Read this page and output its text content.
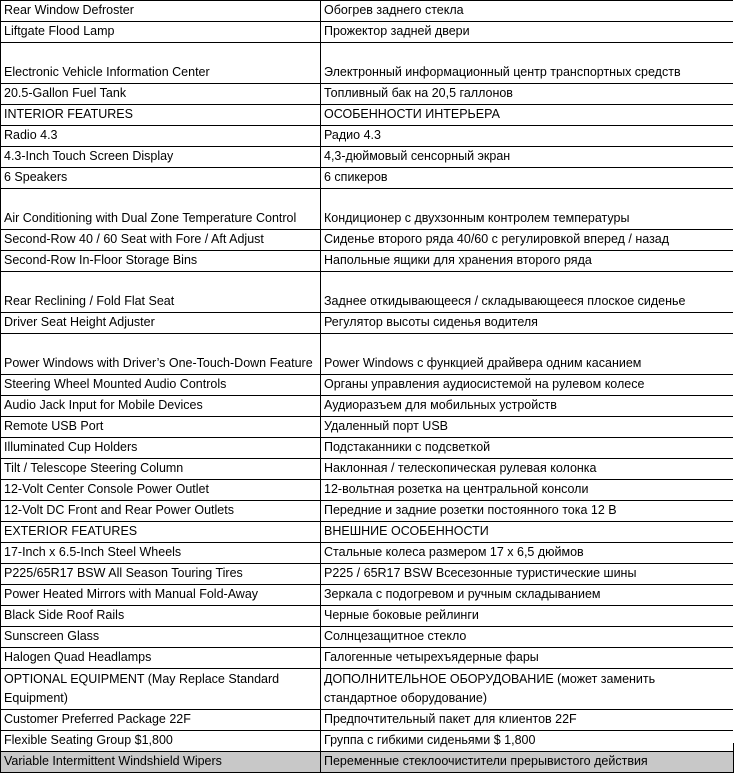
Rear Window Defroster	Обогрев заднего стекла
Liftgate Flood Lamp	Прожектор задней двери
Electronic Vehicle Information Center	Электронный информационный центр транспортных средств
20.5-Gallon Fuel Tank	Топливный бак на 20,5 галлонов
INTERIOR FEATURES	ОСОБЕННОСТИ ИНТЕРЬЕРА
Radio 4.3	Радио 4.3
4.3-Inch Touch Screen Display	4,3-дюймовый сенсорный экран
6 Speakers	6 спикеров
Air Conditioning with Dual Zone Temperature Control	Кондиционер с двухзонным контролем температуры
Second-Row 40 / 60 Seat with Fore / Aft Adjust	Сиденье второго ряда 40/60 с регулировкой вперед / назад
Second-Row In-Floor Storage Bins	Напольные ящики для хранения второго ряда
Rear Reclining / Fold Flat Seat	Заднее откидывающееся / складывающееся плоское сиденье
Driver Seat Height Adjuster	Регулятор высоты сиденья водителя
Power Windows with Driver’s One-Touch-Down Feature	Power Windows с функцией драйвера одним касанием
Steering Wheel Mounted Audio Controls	Органы управления аудиосистемой на рулевом колесе
Audio Jack Input for Mobile Devices	Аудиоразъем для мобильных устройств
Remote USB Port	Удаленный порт USB
Illuminated Cup Holders	Подстаканники с подсветкой
Tilt / Telescope Steering Column	Наклонная / телескопическая рулевая колонка
12-Volt Center Console Power Outlet	12-вольтная розетка на центральной консоли
12-Volt DC Front and Rear Power Outlets	Передние и задние розетки постоянного тока 12 В
EXTERIOR FEATURES	ВНЕШНИЕ ОСОБЕННОСТИ
17-Inch x 6.5-Inch Steel Wheels	Стальные колеса размером 17 x 6,5 дюймов
P225/65R17 BSW All Season Touring Tires	P225 / 65R17 BSW Всесезонные туристические шины
Power Heated Mirrors with Manual Fold-Away	Зеркала с подогревом и ручным складыванием
Black Side Roof Rails	Черные боковые рейлинги
Sunscreen Glass	Солнцезащитное стекло
Halogen Quad Headlamps	Галогенные четырехъядерные фары
OPTIONAL EQUIPMENT (May Replace Standard Equipment)	ДОПОЛНИТЕЛЬНОЕ ОБОРУДОВАНИЕ (может заменить стандартное оборудование)
Customer Preferred Package 22F	Предпочтительный пакет для клиентов 22F
Flexible Seating Group $1,800	Группа с гибкими сиденьями $ 1,800
Variable Intermittent Windshield Wipers	Переменные стеклоочистители прерывистого действия
